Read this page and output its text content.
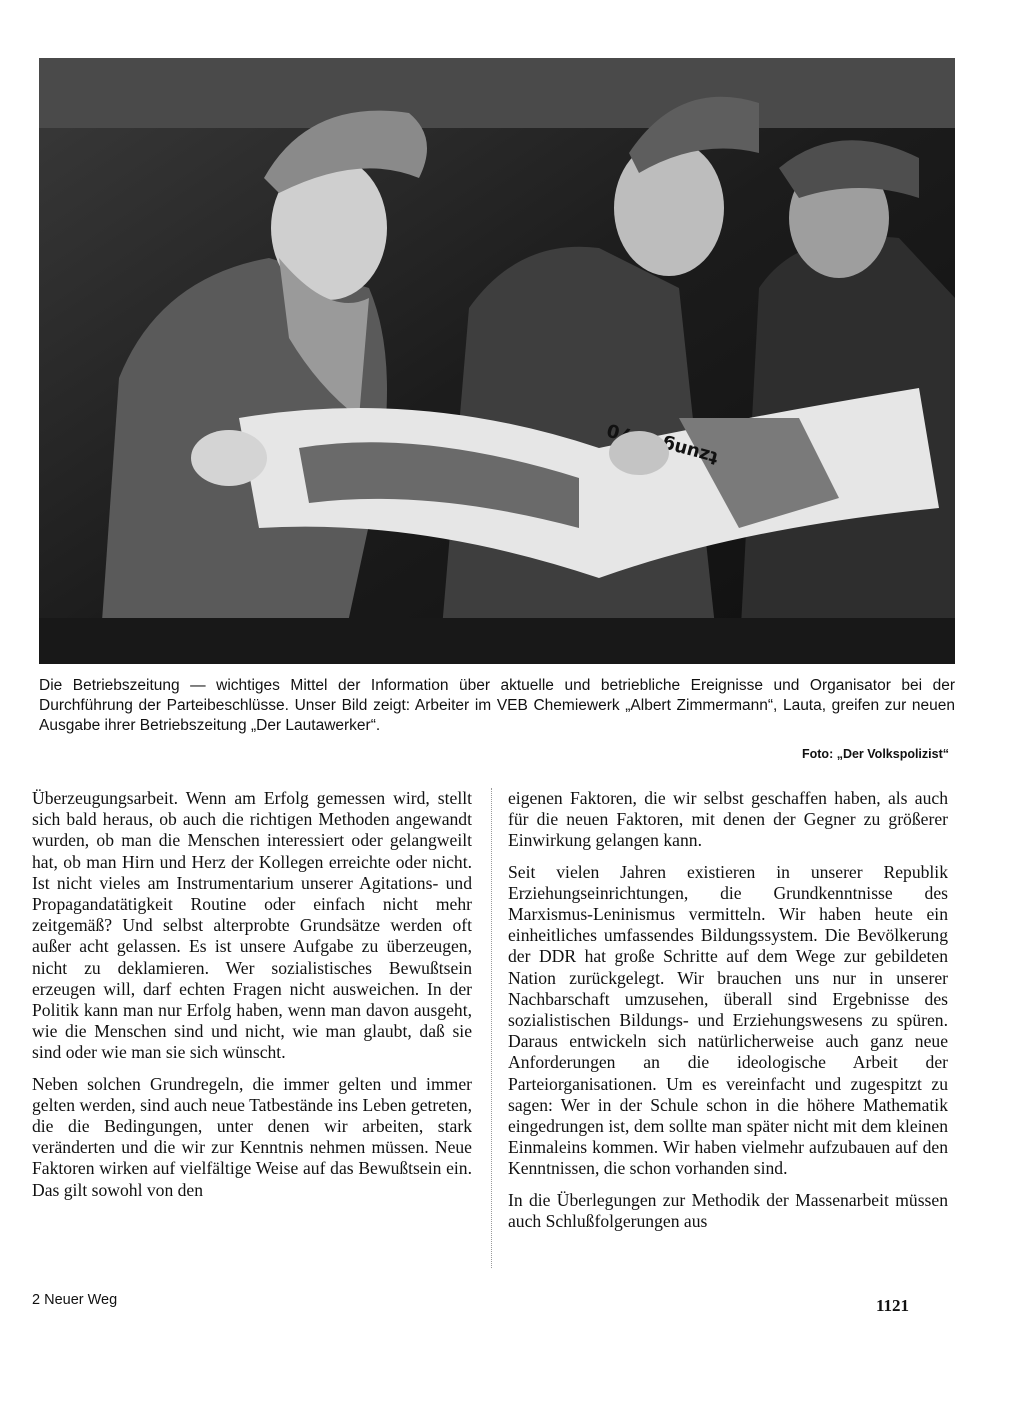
tzung

Die Betriebszeitung — wichtiges Mittel der Information über aktuelle und betriebliche Ereignisse und Organisator bei der Durchführung der Parteibeschlüsse. Unser Bild zeigt: Arbeiter im VEB Chemiewerk „Albert Zimmermann“, Lauta, greifen zur neuen Ausgabe ihrer Betriebszeitung „Der Lautawerker“.

Foto: „Der Volkspolizist“

Überzeugungsarbeit. Wenn am Erfolg gemessen wird, stellt sich bald heraus, ob auch die richtigen Methoden angewandt wurden, ob man die Menschen interessiert oder gelangweilt hat, ob man Hirn und Herz der Kollegen erreichte oder nicht. Ist nicht vieles am Instrumentarium unserer Agitations- und Propagandatätigkeit Routine oder einfach nicht mehr zeitgemäß? Und selbst alterprobte Grundsätze werden oft außer acht gelassen. Es ist unsere Aufgabe zu überzeugen, nicht zu deklamieren. Wer sozialistisches Bewußtsein erzeugen will, darf echten Fragen nicht ausweichen. In der Politik kann man nur Erfolg haben, wenn man davon ausgeht, wie die Menschen sind und nicht, wie man glaubt, daß sie sind oder wie man sie sich wünscht.

Neben solchen Grundregeln, die immer gelten und immer gelten werden, sind auch neue Tatbestände ins Leben getreten, die die Bedingungen, unter denen wir arbeiten, stark veränderten und die wir zur Kenntnis nehmen müssen. Neue Faktoren wirken auf vielfältige Weise auf das Bewußtsein ein. Das gilt sowohl von den

eigenen Faktoren, die wir selbst geschaffen haben, als auch für die neuen Faktoren, mit denen der Gegner zu größerer Einwirkung gelangen kann.

Seit vielen Jahren existieren in unserer Republik Erziehungseinrichtungen, die Grundkenntnisse des Marxismus-Leninismus vermitteln. Wir haben heute ein einheitliches umfassendes Bildungssystem. Die Bevölkerung der DDR hat große Schritte auf dem Wege zur gebildeten Nation zurückgelegt. Wir brauchen uns nur in unserer Nachbarschaft umzusehen, überall sind Ergebnisse des sozialistischen Bildungs- und Erziehungswesens zu spüren. Daraus entwickeln sich natürlicherweise auch ganz neue Anforderungen an die ideologische Arbeit der Parteiorganisationen. Um es vereinfacht und zugespitzt zu sagen: Wer in der Schule schon in die höhere Mathematik eingedrungen ist, dem sollte man später nicht mit dem kleinen Einmaleins kommen. Wir haben vielmehr aufzubauen auf den Kenntnissen, die schon vorhanden sind.

In die Überlegungen zur Methodik der Massenarbeit müssen auch Schlußfolgerungen aus

2 Neuer Weg	1121
